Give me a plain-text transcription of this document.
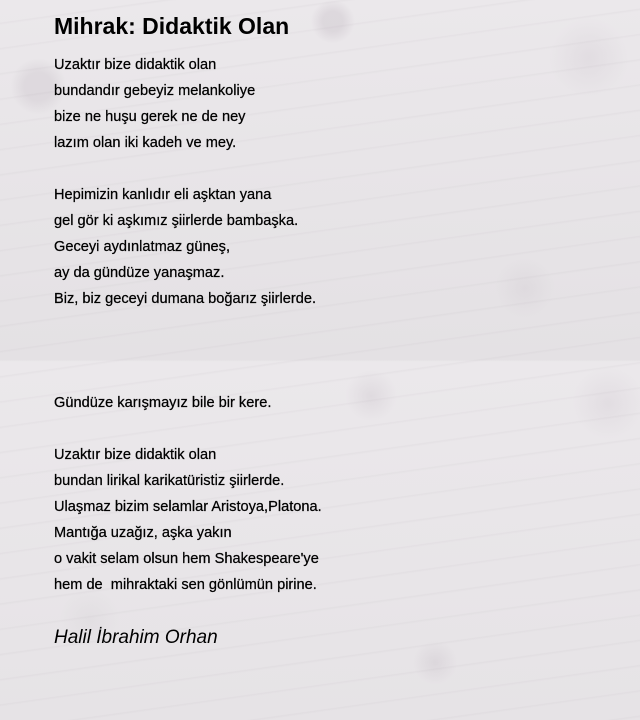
Mihrak: Didaktik Olan
Uzaktır bize didaktik olan
bundandır gebeyiz melankoliye
bize ne huşu gerek ne de ney
lazım olan iki kadeh ve mey.
Hepimizin kanlıdır eli aşktan yana
gel gör ki aşkımız şiirlerde bambaşka.
Geceyi aydınlatmaz güneş,
ay da gündüze yanaşmaz.
Biz, biz geceyi dumana boğarız şiirlerde.
Gündüze karışmayız bile bir kere.
Uzaktır bize didaktik olan
bundan lirikal karikatüristiz şiirlerde.
Ulaşmaz bizim selamlar Aristoya,Platona.
Mantığa uzağız, aşka yakın
o vakit selam olsun hem Shakespeare'ye
hem de  mihraktaki sen gönlümün pirine.
Halil İbrahim Orhan
